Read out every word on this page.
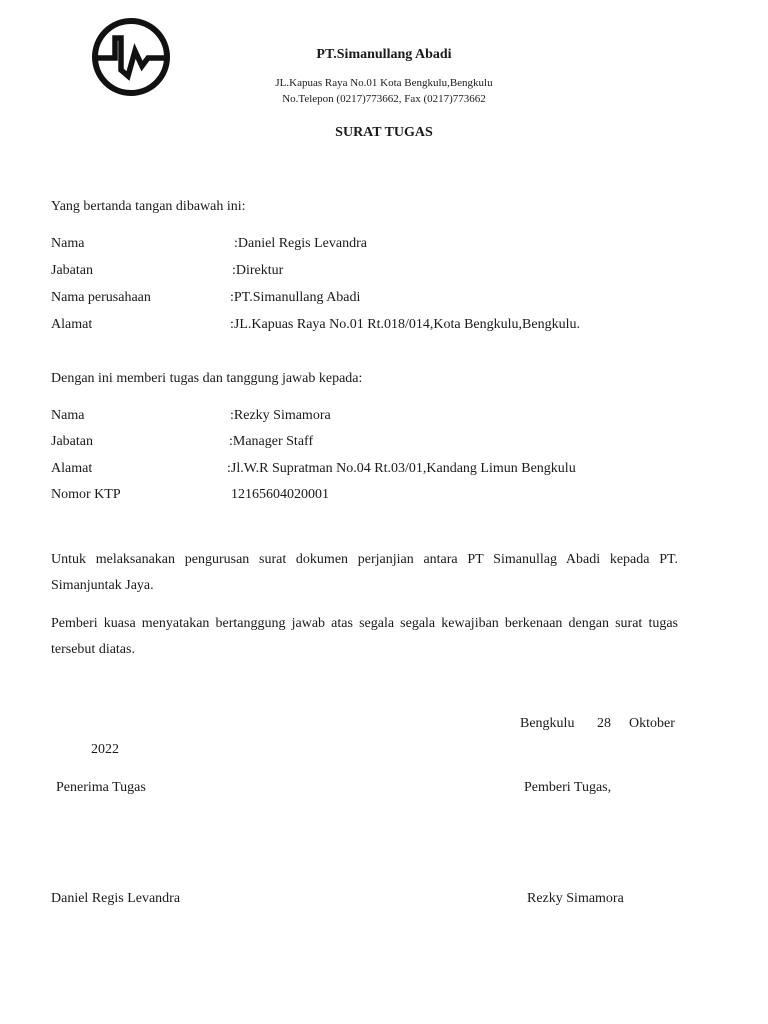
PT.Simanullang Abadi
JL.Kapuas Raya No.01 Kota Bengkulu,Bengkulu
No.Telepon (0217)773662, Fax (0217)773662
SURAT TUGAS
Yang bertanda tangan dibawah ini:
Nama	:Daniel Regis Levandra
Jabatan	:Direktur
Nama perusahaan	:PT.Simanullang Abadi
Alamat	:JL.Kapuas Raya No.01 Rt.018/014,Kota Bengkulu,Bengkulu.
Dengan ini memberi tugas dan tanggung jawab kepada:
Nama	:Rezky Simamora
Jabatan	:Manager Staff
Alamat	:Jl.W.R Supratman No.04 Rt.03/01,Kandang Limun Bengkulu
Nomor KTP	12165604020001
Untuk melaksanakan pengurusan surat dokumen perjanjian antara PT Simanullag Abadi kepada PT. Simanjuntak Jaya.
Pemberi kuasa menyatakan bertanggung jawab atas segala segala kewajiban berkenaan dengan surat tugas tersebut diatas.
Bengkulu 28 Oktober
2022
Penerima Tugas	Pemberi Tugas,
Daniel Regis Levandra	Rezky Simamora
